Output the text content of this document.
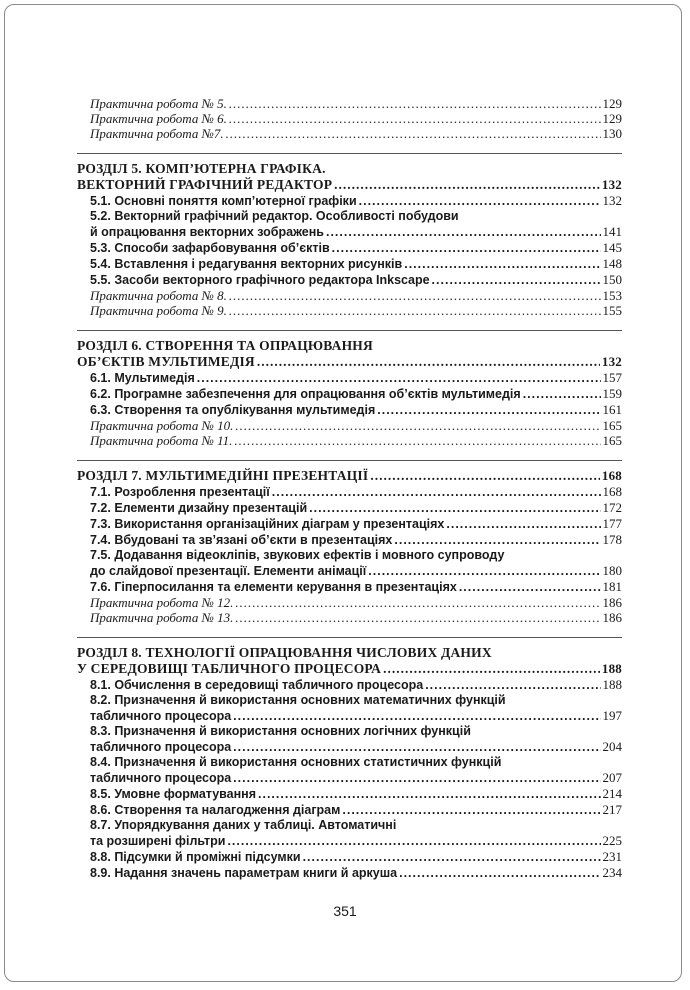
Практична робота № 5. .....	129
Практична робота № 6. .....	129
Практична робота №7. .....	130
РОЗДІЛ 5. КОМП’ЮТЕРНА ГРАФІКА.
ВЕКТОРНИЙ ГРАФІЧНИЙ РЕДАКТОР .....	132
5.1. Основні поняття комп’ютерної графіки .....	132
5.2. Векторний графічний редактор. Особливості побудови
й опрацювання векторних зображень .....	141
5.3. Способи зафарбовування об’єктів .....	145
5.4. Вставлення і редагування векторних рисунків .....	148
5.5. Засоби векторного графічного редактора Inkscape .....	150
Практична робота № 8. .....	153
Практична робота № 9. .....	155
РОЗДІЛ 6. СТВОРЕННЯ ТА ОПРАЦЮВАННЯ
ОБ’ЄКТІВ МУЛЬТИМЕДІЯ .....	132
6.1. Мультимедія .....	157
6.2. Програмне забезпечення для опрацювання об’єктів мультимедія .....	159
6.3. Створення та опублікування мультимедія .....	161
Практична робота № 10. .....	165
Практична робота № 11. .....	165
РОЗДІЛ 7. МУЛЬТИМЕДІЙНІ ПРЕЗЕНТАЦІЇ .....	168
7.1. Розроблення презентації .....	168
7.2. Елементи дизайну презентацій .....	172
7.3. Використання організаційних діаграм у презентаціях .....	177
7.4. Вбудовані та зв’язані об’єкти в презентаціях .....	178
7.5. Додавання відеокліпів, звукових ефектів і мовного супроводу
до слайдової презентації. Елементи анімації .....	180
7.6. Гіперпосилання та елементи керування в презентаціях .....	181
Практична робота № 12. .....	186
Практична робота № 13. .....	186
РОЗДІЛ 8. ТЕХНОЛОГІЇ ОПРАЦЮВАННЯ ЧИСЛОВИХ ДАНИХ
У СЕРЕДОВИЩІ ТАБЛИЧНОГО ПРОЦЕСОРА .....	188
8.1. Обчислення в середовищі табличного процесора .....	188
8.2. Призначення й використання основних математичних функцій
табличного процесора .....	197
8.3. Призначення й використання основних логічних функцій
табличного процесора .....	204
8.4. Призначення й використання основних статистичних функцій
табличного процесора .....	207
8.5. Умовне форматування .....	214
8.6. Створення та налагодження діаграм .....	217
8.7. Упорядкування даних у таблиці. Автоматичні
та розширені фільтри .....	225
8.8. Підсумки й проміжні підсумки .....	231
8.9. Надання значень параметрам книги й аркуша .....	234
351
